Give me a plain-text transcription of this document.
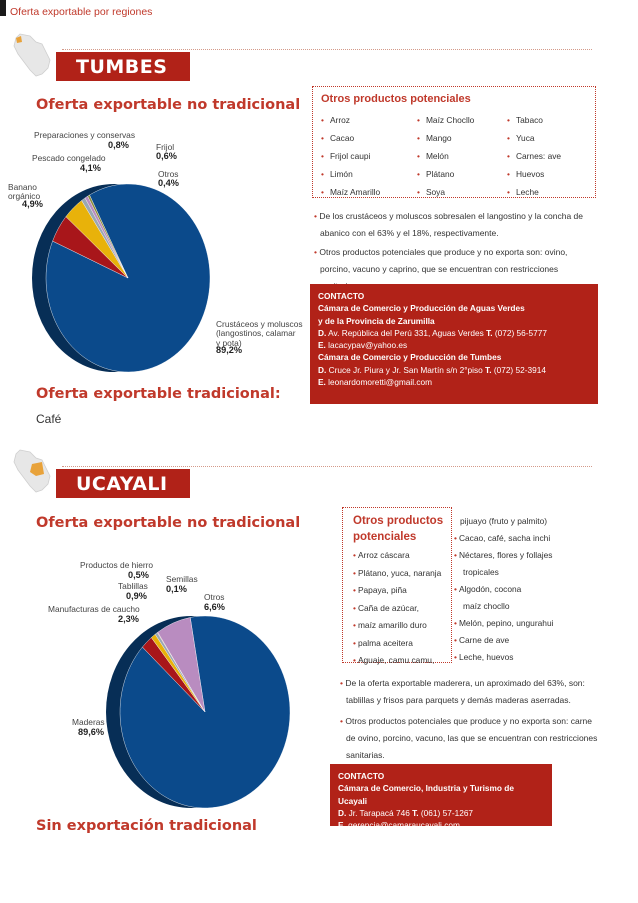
Oferta exportable por regiones
TUMBES
Oferta exportable no tradicional
Preparaciones y conservas
0,8%	Frijol
0,6%
Pescado congelado
4,1%
Otros
0,4%
Banano
orgánico
4,9%
Crustáceos y moluscos
(langostinos, calamar
y pota)
89,2%
Oferta exportable tradicional:
Café
Otros productos potenciales
• Arroz
• Cacao
• Frijol caupi
• Limón
• Maíz Amarillo
• Maíz Chocllo
• Mango
• Melón
• Plátano
• Soya
• Tabaco
• Yuca
• Carnes: ave
• Huevos
• Leche
• De los crustáceos y moluscos sobresalen el langostino y la concha de abanico con el 63% y el 18%, respectivamente.
• Otros productos potenciales que produce y no exporta son: ovino, porcino, vacuno y caprino, que se encuentran con restricciones
CONTACTO
Cámara de Comercio y Producción de Aguas Verdes
y de la Provincia de Zarumilla
D. Av. República del Perú 331, Aguas Verdes T. (072) 56-5777
E. lacacypav@yahoo.es
Cámara de Comercio y Producción de Tumbes
D. Cruce Jr. Piura y Jr. San Martín s/n 2°piso T. (072) 52-3914
E. leonardomoretti@gmail.com
UCAYALI
Oferta exportable no tradicional
Productos de hierro
0,5% Semillas
0,1%
Tablillas
0,9%	Otros
6,6%
Manufacturas de caucho
2,3%
Maderas
89,6%
Sin exportación tradicional
Otros productos
potenciales
• Arroz cáscara
• Plátano, yuca, naranja
• Papaya, piña
• Caña de azúcar,
• maíz amarillo duro
• palma aceitera
• Aguaje, camu camu,
pijuayo (fruto y palmito)
• Cacao, café, sacha inchi
• Néctares, flores y follajes
tropicales
• Algodón, cocona
maíz chocllo
• Melón, pepino, ungurahui
• Carne de ave
• Leche, huevos
• De la oferta exportable maderera, un aproximado del 63%, son: tablillas y frisos para parquets y demás maderas aserradas.
• Otros productos potenciales que produce y no exporta son: carne de ovino, porcino, vacuno, las que se encuentran con restricciones sanitarias.
CONTACTO
Cámara de Comercio, Industria y Turismo de Ucayali
D. Jr. Tarapacá 746 T. (061) 57-1267
E. gerencia@camaraucayali.com
